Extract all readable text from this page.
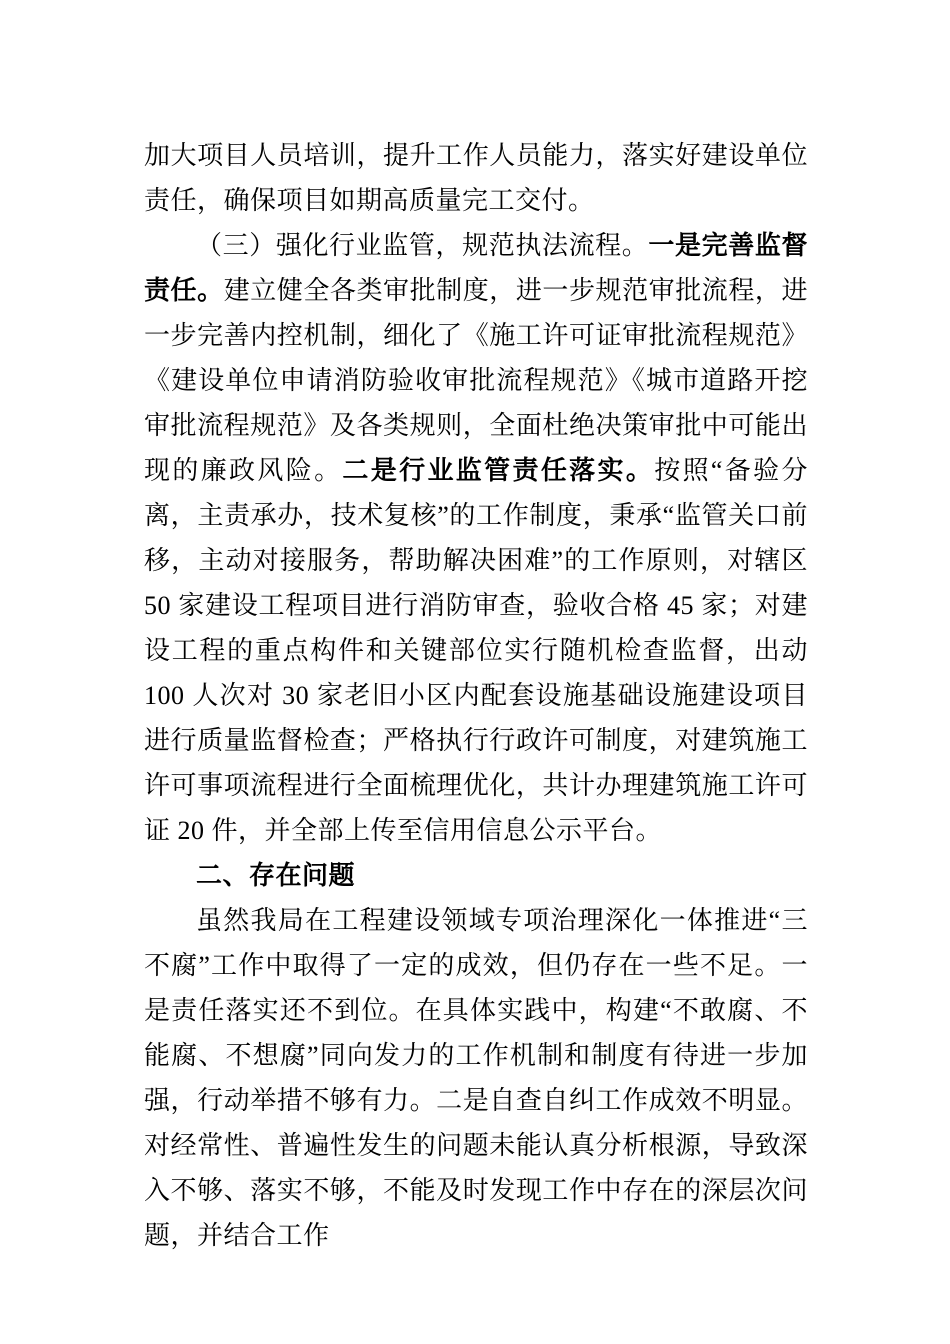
加大项目人员培训，提升工作人员能力，落实好建设单位责任，确保项目如期高质量完工交付。

（三）强化行业监管，规范执法流程。一是完善监督责任。建立健全各类审批制度，进一步规范审批流程，进一步完善内控机制，细化了《施工许可证审批流程规范》《建设单位申请消防验收审批流程规范》《城市道路开挖审批流程规范》及各类规则，全面杜绝决策审批中可能出现的廉政风险。二是行业监管责任落实。按照“备验分离，主责承办，技术复核”的工作制度，秉承“监管关口前移，主动对接服务，帮助解决困难”的工作原则，对辖区 50 家建设工程项目进行消防审查，验收合格 45 家；对建设工程的重点构件和关键部位实行随机检查监督，出动 100 人次对 30 家老旧小区内配套设施基础设施建设项目进行质量监督检查；严格执行行政许可制度，对建筑施工许可事项流程进行全面梳理优化，共计办理建筑施工许可证 20 件，并全部上传至信用信息公示平台。

二、存在问题

虽然我局在工程建设领域专项治理深化一体推进“三不腐”工作中取得了一定的成效，但仍存在一些不足。一是责任落实还不到位。在具体实践中，构建“不敢腐、不能腐、不想腐”同向发力的工作机制和制度有待进一步加强，行动举措不够有力。二是自查自纠工作成效不明显。对经常性、普遍性发生的问题未能认真分析根源，导致深入不够、落实不够，不能及时发现工作中存在的深层次问题，并结合工作
